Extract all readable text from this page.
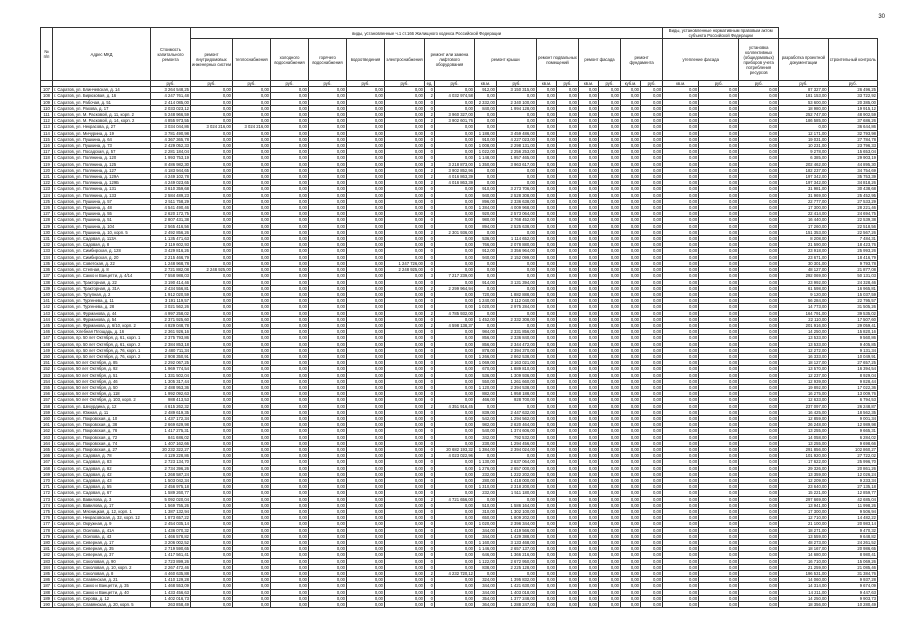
30
№ п/п	Адрес МКД	Стоимость капитального ремонта	виды, установленные ч.1 ст.166 Жилищного кодекса Российской Федерации																Виды, установленные нормативным правовым актом субъекта Российской Федерации				
			ремонт внутридомовых инженерных систем	теплоснабжения	холодного водоснабжения	горячего водоснабжения	водоотведения	электроснабжения	ремонт или замена лифтового оборудования		ремонт крыши		ремонт подвальных помещений		ремонт фасада		ремонт фундамента		утепление фасада		установка коллективных (общедомовых) приборов учета потребления ресурсов	разработка проектной документации	строительный контроль
		руб.	руб.	руб.	руб.	руб.	руб.	руб.	ед.	руб.	кв.м.	руб.	кв.м.	руб.	кв.м.	руб.	куб.м.	руб.	кв.м.	руб.	руб.	руб.	руб.
107	г. Саратов, ул. Блинчевская, д. 14	3 264 548,25	0,00	0,00	0,00	0,00	0,00	0,00	0	0,00	912,00	3 150 315,00	0,00	0,00	0,00	0,00	0,00	0,00	0,00	0,00	0,00	87 327,00	26 496,25
108	г. Саратов, ул. Бирюзовая, д. 16	4 247 761,48	0,00	0,00	0,00	0,00	0,00	0,00	2	4 032 974,58	0,00	0,00	0,00	0,00	0,00	0,00	0,00	0,00	0,00	0,00	0,00	181 153,00	33 722,92
109	г. Саратов, ул. Рабочая, д. 51	2 414 085,00	0,00	0,00	0,00	0,00	0,00	0,00	0	0,00	2 332,00	2 340 100,00	0,00	0,00	0,00	0,00	0,00	0,00	0,00	0,00	0,00	53 600,00	20 385,00
110	г. Саратов, ул. Рахова, д. 17	2 033 023,12	0,00	0,00	0,00	0,00	0,00	0,00	0	0,00	840,00	1 994 128,00	0,00	0,00	0,00	0,00	0,00	0,00	0,00	0,00	0,00	18 980,00	19 915,12
111	г. Саратов, ул. М. Расковой, д. 11, корп. 2	5 248 966,59	0,00	0,00	0,00	0,00	0,00	0,00	2	3 960 327,00	0,00	0,00	0,00	0,00	0,00	0,00	0,00	0,00	0,00	0,00	0,00	252 747,00	48 902,59
112	г. Саратов, ул. М. Расковой, д. 14, корп. 2	4 855 973,55	0,00	0,00	0,00	0,00	0,00	0,00	2	3 902 601,76	0,00	0,00	0,00	0,00	0,00	0,00	0,00	0,00	0,00	0,00	0,00	186 585,00	37 686,26
113	г. Саратов, ул. Некрасова, д. 27	3 034 044,86	3 024 216,00	3 024 216,00	0,00	0,00	0,00	0,00	0	0,00	0,00	0,00	0,00	0,00	0,00	0,00	0,00	0,00	0,00	0,00	0,00	0,00	36 644,86
114	г. Саратов, ул. Мичурина, д. 19	3 781 490,98	0,00	0,00	0,00	0,00	0,00	0,00	0	0,00	1 188,00	3 459 486,00	0,00	0,00	0,00	0,00	0,00	0,00	0,00	0,00	0,00	12 171,00	32 793,98
115	г. Саратов, ул. Пушкина, д. 64	4 367 365,78	0,00	0,00	0,00	0,00	0,00	0,00	0	0,00	910,00	4 227 023,00	0,00	0,00	0,00	0,00	0,00	0,00	0,00	0,00	0,00	19 031,00	27 784,78
116	г. Саратов, ул. Пушкина, д. 73	2 429 052,33	0,00	0,00	0,00	0,00	0,00	0,00	0	0,00	1 008,00	2 298 131,00	0,00	0,00	0,00	0,00	0,00	0,00	0,00	0,00	0,00	10 231,00	23 796,33
117	г. Саратов, ул. Посадская, д. 57	2 281 184,04	0,00	0,00	0,00	0,00	0,00	0,00	0	0,00	1 022,00	2 256 253,00	0,00	0,00	0,00	0,00	0,00	0,00	0,00	0,00	0,00	9 278,00	15 653,04
118	г. Саратов, ул. Полянина, д. 120	1 993 753,19	0,00	0,00	0,00	0,00	0,00	0,00	0	0,00	1 148,00	1 957 465,00	0,00	0,00	0,00	0,00	0,00	0,00	0,00	0,00	0,00	6 385,00	29 903,19
119	г. Саратов, ул. Полянина, д. 125	8 486 982,30	0,00	0,00	0,00	0,00	0,00	0,00	3	3 218 873,00	1 350,00	3 963 617,00	0,00	0,00	0,00	0,00	0,00	0,00	0,00	0,00	0,00	202 462,00	44 895,30
120	г. Саратов, ул. Полянина, д. 127	4 183 944,65	0,00	0,00	0,00	0,00	0,00	0,00	2	3 902 852,96	0,00	0,00	0,00	0,00	0,00	0,00	0,00	0,00	0,00	0,00	0,00	182 237,00	34 754,69
121	г. Саратов, ул. Полянина, д. 129А	4 249 102,78	0,00	0,00	0,00	0,00	0,00	0,00	2	4 016 863,39	0,00	0,00	0,00	0,00	0,00	0,00	0,00	0,00	0,00	0,00	0,00	197 342,00	35 753,39
122	г. Саратов, ул. Полянина, д. 129Б	4 249 023,65	0,00	0,00	0,00	0,00	0,00	0,00	2	4 016 863,39	0,00	0,00	0,00	0,00	0,00	0,00	0,00	0,00	0,00	0,00	0,00	197 342,00	34 818,26
123	г. Саратов, ул. Полянина, д. 131	3 610 359,68	0,00	0,00	0,00	0,00	0,00	0,00	0	0,00	910,00	3 273 706,00	0,00	0,00	0,00	0,00	0,00	0,00	0,00	0,00	0,00	31 981,00	30 438,68
124	г. Саратов, ул. Полянина, д. 133	2 584 489,23	0,00	0,00	0,00	0,00	0,00	0,00	0	0,00	940,00	2 528 308,00	0,00	0,00	0,00	0,00	0,00	0,00	0,00	0,00	0,00	31 969,00	25 452,95
125	г. Саратов, ул. Пушкина, д. 57	2 511 758,29	0,00	0,00	0,00	0,00	0,00	0,00	0	0,00	896,00	2 336 638,00	0,00	0,00	0,00	0,00	0,00	0,00	0,00	0,00	0,00	22 777,00	27 533,29
126	г. Саратов, ул. Пушкина, д. 48	4 541 490,46	0,00	0,00	0,00	0,00	0,00	0,00	0	0,00	1 384,00	4 009 968,00	0,00	0,00	0,00	0,00	0,00	0,00	0,00	0,00	0,00	17 300,00	28 221,46
127	г. Саратов, ул. Пушкина, д. 55	2 620 172,75	0,00	0,00	0,00	0,00	0,00	0,00	0	0,00	920,00	2 573 064,00	0,00	0,00	0,00	0,00	0,00	0,00	0,00	0,00	0,00	22 414,00	24 694,75
128	г. Саратов, ул. Пушкина, д. 51	2 807 431,38	0,00	0,00	0,00	0,00	0,00	0,00	0	0,00	980,00	2 768 452,00	0,00	0,00	0,00	0,00	0,00	0,00	0,00	0,00	0,00	16 440,00	22 539,38
129	г. Саратов, ул. Пушкина, д. 104	2 565 416,56	0,00	0,00	0,00	0,00	0,00	0,00	0	0,00	894,00	2 525 638,00	0,00	0,00	0,00	0,00	0,00	0,00	0,00	0,00	0,00	17 260,00	22 518,56
130	г. Саратов, ул. Пушкина, д. 10, корп. 5	2 492 856,26	0,00	0,00	0,00	0,00	0,00	0,00	2	2 301 936,00	0,00	0,00	0,00	0,00	0,00	0,00	0,00	0,00	0,00	0,00	0,00	151 353,00	22 567,26
131	г. Саратов, ул. Садовая, д. 113А	1 135 471,63	0,00	0,00	0,00	0,00	0,00	0,00	0	0,00	536,00	1 114 652,00	0,00	0,00	0,00	0,00	0,00	0,00	0,00	0,00	0,00	8 208,00	7 484,31
132	г. Саратов, ул. Садовая, д. 8	2 119 602,93	0,00	0,00	0,00	0,00	0,00	0,00	0	0,00	766,00	2 078 880,00	0,00	0,00	0,00	0,00	0,00	0,00	0,00	0,00	0,00	21 590,00	18 423,76
133	г. Саратов, ул. Симбирская, д. 128	3 429 816,26	0,00	0,00	0,00	0,00	0,00	0,00	0	0,00	912,00	3 356 964,00	0,00	0,00	0,00	0,00	0,00	0,00	0,00	0,00	0,00	23 918,00	25 993,26
134	г. Саратов, ул. Симбирская, д. 20	2 215 466,79	0,00	0,00	0,00	0,00	0,00	0,00	0	0,00	940,00	2 152 099,00	0,00	0,00	0,00	0,00	0,00	0,00	0,00	0,00	0,00	23 671,00	18 416,79
135	г. Саратов, ул. Советская, д. 22	1 248 968,78	0,00	0,00	0,00	0,00	0,00	1 247 726,00	0	0,00	0,00	0,00	0,00	0,00	0,00	0,00	0,00	0,00	0,00	0,00	0,00	30 301,00	9 793,78
136	г. Саратов, ул. Степная, д. 8	2 721 882,08	2 248 925,00	0,00	0,00	0,00	0,00	2 248 925,00	0	0,00	0,00	0,00	0,00	0,00	0,00	0,00	0,00	0,00	0,00	0,00	0,00	48 127,00	21 877,08
137	г. Саратов, ул. Сакко и Ванцетти, д. 4/14	7 558 988,03	0,00	0,00	0,00	0,00	0,00	0,00	3	7 217 239,00	0,00	0,00	0,00	0,00	0,00	0,00	0,00	0,00	0,00	0,00	0,00	292 069,00	50 131,03
138	г. Саратов, ул. Тракторная, д. 22	3 190 414,46	0,00	0,00	0,00	0,00	0,00	0,00	0	0,00	914,00	3 131 394,00	0,00	0,00	0,00	0,00	0,00	0,00	0,00	0,00	0,00	23 992,00	24 328,46
139	г. Саратов, ул. Тракторная, д. 31А	2 434 556,81	0,00	0,00	0,00	0,00	0,00	0,00	2	2 299 964,94	0,00	0,00	0,00	0,00	0,00	0,00	0,00	0,00	0,00	0,00	0,00	61 598,00	16 965,81
140	г. Саратов, ул. Тулупная, д. 2	1 912 020,59	0,00	0,00	0,00	0,00	0,00	0,00	0	0,00	720,00	1 882 888,00	0,00	0,00	0,00	0,00	0,00	0,00	0,00	0,00	0,00	9 120,00	15 037,59
141	г. Саратов, ул. Тургенева, д. 11	3 191 119,57	0,00	0,00	0,00	0,00	0,00	0,00	0	0,00	1 240,00	3 112 040,00	0,00	0,00	0,00	0,00	0,00	0,00	0,00	0,00	0,00	56 284,00	22 795,57
142	г. Саратов, ул. Тургенева, д. 28	3 021 562,26	0,00	0,00	0,00	0,00	0,00	0,00	0	0,00	1 020,00	2 975 284,00	0,00	0,00	0,00	0,00	0,00	0,00	0,00	0,00	0,00	14 773,00	31 505,26
143	г. Саратов, ул. Фурманова, д. 44	4 997 258,02	0,00	0,00	0,00	0,00	0,00	0,00	2	4 785 932,00	0,00	0,00	0,00	0,00	0,00	0,00	0,00	0,00	0,00	0,00	0,00	164 791,00	39 535,02
144	г. Саратов, ул. Фурманова, д. 54	2 371 925,60	0,00	0,00	0,00	0,00	0,00	0,00	0	0,00	1 452,00	2 332 308,00	0,00	0,00	0,00	0,00	0,00	0,00	0,00	0,00	0,00	22 110,00	17 507,60
145	г. Саратов, ул. Фурманова, д. 6/10, корп. 2	4 829 048,78	0,00	0,00	0,00	0,00	0,00	0,00	2	4 598 138,37	0,00	0,00	0,00	0,00	0,00	0,00	0,00	0,00	0,00	0,00	0,00	201 916,00	29 059,41
146	г. Саратов, Хлебная Площадь, д. 16	2 361 926,16	0,00	0,00	0,00	0,00	0,00	0,00	0	0,00	984,00	2 331 856,00	0,00	0,00	0,00	0,00	0,00	0,00	0,00	0,00	0,00	14 250,00	15 820,16
147	г. Саратов, пр. 50 лет Октября, д. 61, корп. 1	2 375 793,86	0,00	0,00	0,00	0,00	0,00	0,00	0	0,00	856,00	2 336 840,00	0,00	0,00	0,00	0,00	0,00	0,00	0,00	0,00	0,00	13 533,00	9 560,86
148	г. Саратов, пр. 50 лет Октября, д. 61, корп. 2	2 384 853,18	0,00	0,00	0,00	0,00	0,00	0,00	0	0,00	856,00	2 344 472,00	0,00	0,00	0,00	0,00	0,00	0,00	0,00	0,00	0,00	13 533,00	9 405,85
149	г. Саратов, пр. 50 лет Октября, д. 76, корп. 1	2 480 711,34	0,00	0,00	0,00	0,00	0,00	0,00	0	0,00	878,00	2 394 370,00	0,00	0,00	0,00	0,00	0,00	0,00	0,00	0,00	0,00	12 272,00	9 131,34
150	г. Саратов, пр. 50 лет Октября, д. 76, корп. 2	2 908 350,91	0,00	0,00	0,00	0,00	0,00	0,00	0	0,00	1 266,00	2 862 538,00	0,00	0,00	0,00	0,00	0,00	0,00	0,00	0,00	0,00	16 333,00	10 049,91
151	г. Саратов, 50 лет Октября, д. 85	2 292 067,25	0,00	0,00	0,00	0,00	0,00	0,00	0	0,00	1 069,00	2 163 021,00	0,00	0,00	0,00	0,00	0,00	0,00	0,00	0,00	0,00	18 127,00	27 657,25
152	г. Саратов, 50 лет Октября, д. 92	1 969 774,54	0,00	0,00	0,00	0,00	0,00	0,00	0	0,00	670,00	1 889 810,00	0,00	0,00	0,00	0,00	0,00	0,00	0,00	0,00	0,00	13 570,00	16 394,54
153	г. Саратов, 50 лет Октября, д. 51	1 331 502,04	0,00	0,00	0,00	0,00	0,00	0,00	0	0,00	536,00	1 309 936,00	0,00	0,00	0,00	0,00	0,00	0,00	0,00	0,00	0,00	12 237,00	8 929,04
154	г. Саратов, 50 лет Октября, д. 46	1 305 317,44	0,00	0,00	0,00	0,00	0,00	0,00	0	0,00	550,00	1 261 660,00	0,00	0,00	0,00	0,00	0,00	0,00	0,00	0,00	0,00	12 939,00	9 828,44
155	г. Саратов, 50 лет Октября, д. 50	2 488 953,36	0,00	0,00	0,00	0,00	0,00	0,00	0	0,00	1 120,00	2 394 538,00	0,00	0,00	0,00	0,00	0,00	0,00	0,00	0,00	0,00	19 892,00	17 022,36
156	г. Саратов, 50 лет Октября, д. 118	1 992 092,63	0,00	0,00	0,00	0,00	0,00	0,00	0	0,00	882,00	1 958 188,00	0,00	0,00	0,00	0,00	0,00	0,00	0,00	0,00	0,00	16 275,00	13 009,76
157	г. Саратов, 50 лет Октября, д. 103, корп. 2	988 413,53	0,00	0,00	0,00	0,00	0,00	0,00	0	0,00	466,00	928 700,00	0,00	0,00	0,00	0,00	0,00	0,00	0,00	0,00	0,00	12 633,00	6 794,53
158	г. Саратов, ул. Шехурдина, д. 12	4 615 262,32	0,00	0,00	0,00	0,00	0,00	0,00	2	4 351 916,45	0,00	0,00	0,00	0,00	0,00	0,00	0,00	0,00	0,00	0,00	0,00	237 097,00	26 248,87
159	г. Саратов, ул. Южная, д. 11	2 489 619,35	0,00	0,00	0,00	0,00	0,00	0,00	0	0,00	839,00	2 447 632,00	0,00	0,00	0,00	0,00	0,00	0,00	0,00	0,00	0,00	16 425,00	18 562,35
160	г. Саратов, ул. Покровская, д. 10	1 437 172,34	0,00	0,00	0,00	0,00	0,00	0,00	0	0,00	542,00	1 294 562,00	0,00	0,00	0,00	0,00	0,00	0,00	0,00	0,00	0,00	12 859,00	9 001,34
161	г. Саратов, ул. Покровская, д. 38	2 669 629,98	0,00	0,00	0,00	0,00	0,00	0,00	0	0,00	982,00	2 620 464,00	0,00	0,00	0,00	0,00	0,00	0,00	0,00	0,00	0,00	26 248,00	12 989,98
162	г. Саратов, ул. Покровская, д. 78	1 417 275,31	0,00	0,00	0,00	0,00	0,00	0,00	0	0,00	540,00	1 374 606,00	0,00	0,00	0,00	0,00	0,00	0,00	0,00	0,00	0,00	13 255,00	9 665,31
163	г. Саратов, ул. Покровская, д. 72	841 686,02	0,00	0,00	0,00	0,00	0,00	0,00	0	0,00	342,00	792 532,00	0,00	0,00	0,00	0,00	0,00	0,00	0,00	0,00	0,00	14 058,00	6 284,02
164	г. Саратов, ул. Покровская, д. 74	1 407 162,66	0,00	0,00	0,00	0,00	0,00	0,00	0	0,00	230,00	1 294 456,00	0,00	0,00	0,00	0,00	0,00	0,00	0,00	0,00	0,00	13 255,00	9 698,66
165	г. Саратов, ул. Покровская, д. 27	20 232 322,27	0,00	0,00	0,00	0,00	0,00	0,00	0	20 682 193,32	1 384,00	2 394 024,00	0,00	0,00	0,00	0,00	0,00	0,00	0,00	0,00	0,00	291 856,00	102 860,27
166	г. Саратов, ул. Садовая, д. 78	4 129 228,86	0,00	0,00	0,00	0,00	0,00	0,00	3	4 023 022,96	0,00	0,00	0,00	0,00	0,00	0,00	0,00	0,00	0,00	0,00	0,00	101 920,00	27 722,02
167	г. Саратов, ул. Садовая, д. 83	2 723 134,70	0,00	0,00	0,00	0,00	0,00	0,00	0	0,00	1 130,00	2 637 064,00	0,00	0,00	0,00	0,00	0,00	0,00	0,00	0,00	0,00	17 622,00	25 996,70
168	г. Саратов, ул. Садовая, д. 82	2 734 396,26	0,00	0,00	0,00	0,00	0,00	0,00	0	0,00	1 276,00	2 657 000,00	0,00	0,00	0,00	0,00	0,00	0,00	0,00	0,00	0,00	29 326,00	20 861,26
169	г. Саратов, ул. Садовая, д. 42	1 268 587,24	0,00	0,00	0,00	0,00	0,00	0,00	0	0,00	232,00	1 222 202,00	0,00	0,00	0,00	0,00	0,00	0,00	0,00	0,00	0,00	13 359,00	12 026,24
170	г. Саратов, ул. Садовая, д. 43	1 503 042,34	0,00	0,00	0,00	0,00	0,00	0,00	0	0,00	280,00	1 418 000,00	0,00	0,00	0,00	0,00	0,00	0,00	0,00	0,00	0,00	12 209,00	9 233,34
171	г. Саратов, ул. Садовая, д. 55	2 456 975,18	0,00	0,00	0,00	0,00	0,00	0,00	0	0,00	1 310,00	2 318 200,00	0,00	0,00	0,00	0,00	0,00	0,00	0,00	0,00	0,00	23 640,00	27 135,18
172	г. Саратов, ул. Садовая, д. 67	1 589 260,77	0,00	0,00	0,00	0,00	0,00	0,00	0	0,00	232,00	1 511 180,00	0,00	0,00	0,00	0,00	0,00	0,00	0,00	0,00	0,00	15 221,00	12 859,77
173	г. Саратов, ул. Вавилова, д. 3	5 092 020,04	0,00	0,00	0,00	0,00	0,00	0,00	2	4 721 656,00	0,00	0,00	0,00	0,00	0,00	0,00	0,00	0,00	0,00	0,00	0,00	297 669,00	42 685,04
174	г. Саратов, ул. Вавилова, д. 17	1 569 755,26	0,00	0,00	0,00	0,00	0,00	0,00	0	0,00	510,00	1 586 164,00	0,00	0,00	0,00	0,00	0,00	0,00	0,00	0,00	0,00	13 941,00	11 998,26
175	г. Саратов, ул. Мясницкая, д. 12, корп. 1	1 387 132,94	0,00	0,00	0,00	0,00	0,00	0,00	0	0,00	310,00	1 302 100,00	0,00	0,00	0,00	0,00	0,00	0,00	0,00	0,00	0,00	17 300,00	9 506,94
176	г. Саратов, ул. Некрасовская, д. 32, корп. 12	1 873 657,22	0,00	0,00	0,00	0,00	0,00	0,00	0	0,00	650,00	1 809 202,00	0,00	0,00	0,00	0,00	0,00	0,00	0,00	0,00	0,00	12 710,00	14 482,22
177	г. Саратов, ул. Окружная, д. 9	2 454 035,14	0,00	0,00	0,00	0,00	0,00	0,00	0	0,00	1 020,00	2 396 344,00	0,00	0,00	0,00	0,00	0,00	0,00	0,00	0,00	0,00	21 100,00	20 983,14
178	г. Саратов, ул. Осипова, д. 41А	1 436 070,32	0,00	0,00	0,00	0,00	0,00	0,00	0	0,00	344,00	1 419 566,00	0,00	0,00	0,00	0,00	0,00	0,00	0,00	0,00	0,00	18 271,00	9 470,32
179	г. Саратов, ул. Осипова, д. 43	1 466 578,82	0,00	0,00	0,00	0,00	0,00	0,00	0	0,00	344,00	1 429 388,00	0,00	0,00	0,00	0,00	0,00	0,00	0,00	0,00	0,00	13 559,00	9 648,82
180	г. Саратов, ул. Северная, д. 17	3 206 002,52	0,00	0,00	0,00	0,00	0,00	0,00	0	0,00	1 160,00	3 133 468,00	0,00	0,00	0,00	0,00	0,00	0,00	0,00	0,00	0,00	48 273,00	24 261,52
181	г. Саратов, ул. Северная, д. 35	2 719 590,65	0,00	0,00	0,00	0,00	0,00	0,00	0	0,00	1 146,00	2 657 137,00	0,00	0,00	0,00	0,00	0,00	0,00	0,00	0,00	0,00	18 167,00	20 986,65
182	г. Саратов, ул. Северная, д. 37	1 417 561,41	0,00	0,00	0,00	0,00	0,00	0,00	0	0,00	646,00	1 366 216,00	0,00	0,00	0,00	0,00	0,00	0,00	0,00	0,00	0,00	14 680,00	8 980,41
183	г. Саратов, ул. Соколовая, д. 90	2 723 899,26	0,00	0,00	0,00	0,00	0,00	0,00	0	0,00	1 122,00	2 672 950,00	0,00	0,00	0,00	0,00	0,00	0,00	0,00	0,00	0,00	16 710,00	15 069,26
184	г. Саратов, ул. Соколовая, д. 10, корп. 2	2 267 472,46	0,00	0,00	0,00	0,00	0,00	0,00	0	0,00	838,00	2 225 128,00	0,00	0,00	0,00	0,00	0,00	0,00	0,00	0,00	0,00	21 259,00	21 085,46
185	г. Саратов, ул. Соколовая, д. 8	4 460 635,88	0,00	0,00	0,00	0,00	0,00	0,00	2	4 232 720,12	0,00	0,00	0,00	0,00	0,00	0,00	0,00	0,00	0,00	0,00	0,00	196 531,00	31 384,76
186	г. Саратов, ул. Славянская, д. 21	1 410 129,28	0,00	0,00	0,00	0,00	0,00	0,00	0	0,00	324,00	1 395 832,00	0,00	0,00	0,00	0,00	0,00	0,00	0,00	0,00	0,00	14 060,00	9 937,28
187	г. Саратов, ул. Сакко и Ванцетти, д. 35	1 468 553,09	0,00	0,00	0,00	0,00	0,00	0,00	0	0,00	344,00	1 421 630,00	0,00	0,00	0,00	0,00	0,00	0,00	0,00	0,00	0,00	14 314,00	9 674,09
188	г. Саратов, ул. Сакко и Ванцетти, д. 40	1 433 456,63	0,00	0,00	0,00	0,00	0,00	0,00	0	0,00	344,00	1 403 018,00	0,00	0,00	0,00	0,00	0,00	0,00	0,00	0,00	0,00	14 211,00	9 447,63
189	г. Саратов, ул. Серова, д. 12	1 402 016,73	0,00	0,00	0,00	0,00	0,00	0,00	0	0,00	354,00	1 377 248,00	0,00	0,00	0,00	0,00	0,00	0,00	0,00	0,00	0,00	14 250,00	9 903,73
190	г. Саратов, ул. Славянская, д. 20, корп. 5	263 858,49	0,00	0,00	0,00	0,00	0,00	0,00	0	0,00	364,00	1 288 247,00	0,00	0,00	0,00	0,00	0,00	0,00	0,00	0,00	0,00	18 356,00	10 280,49
